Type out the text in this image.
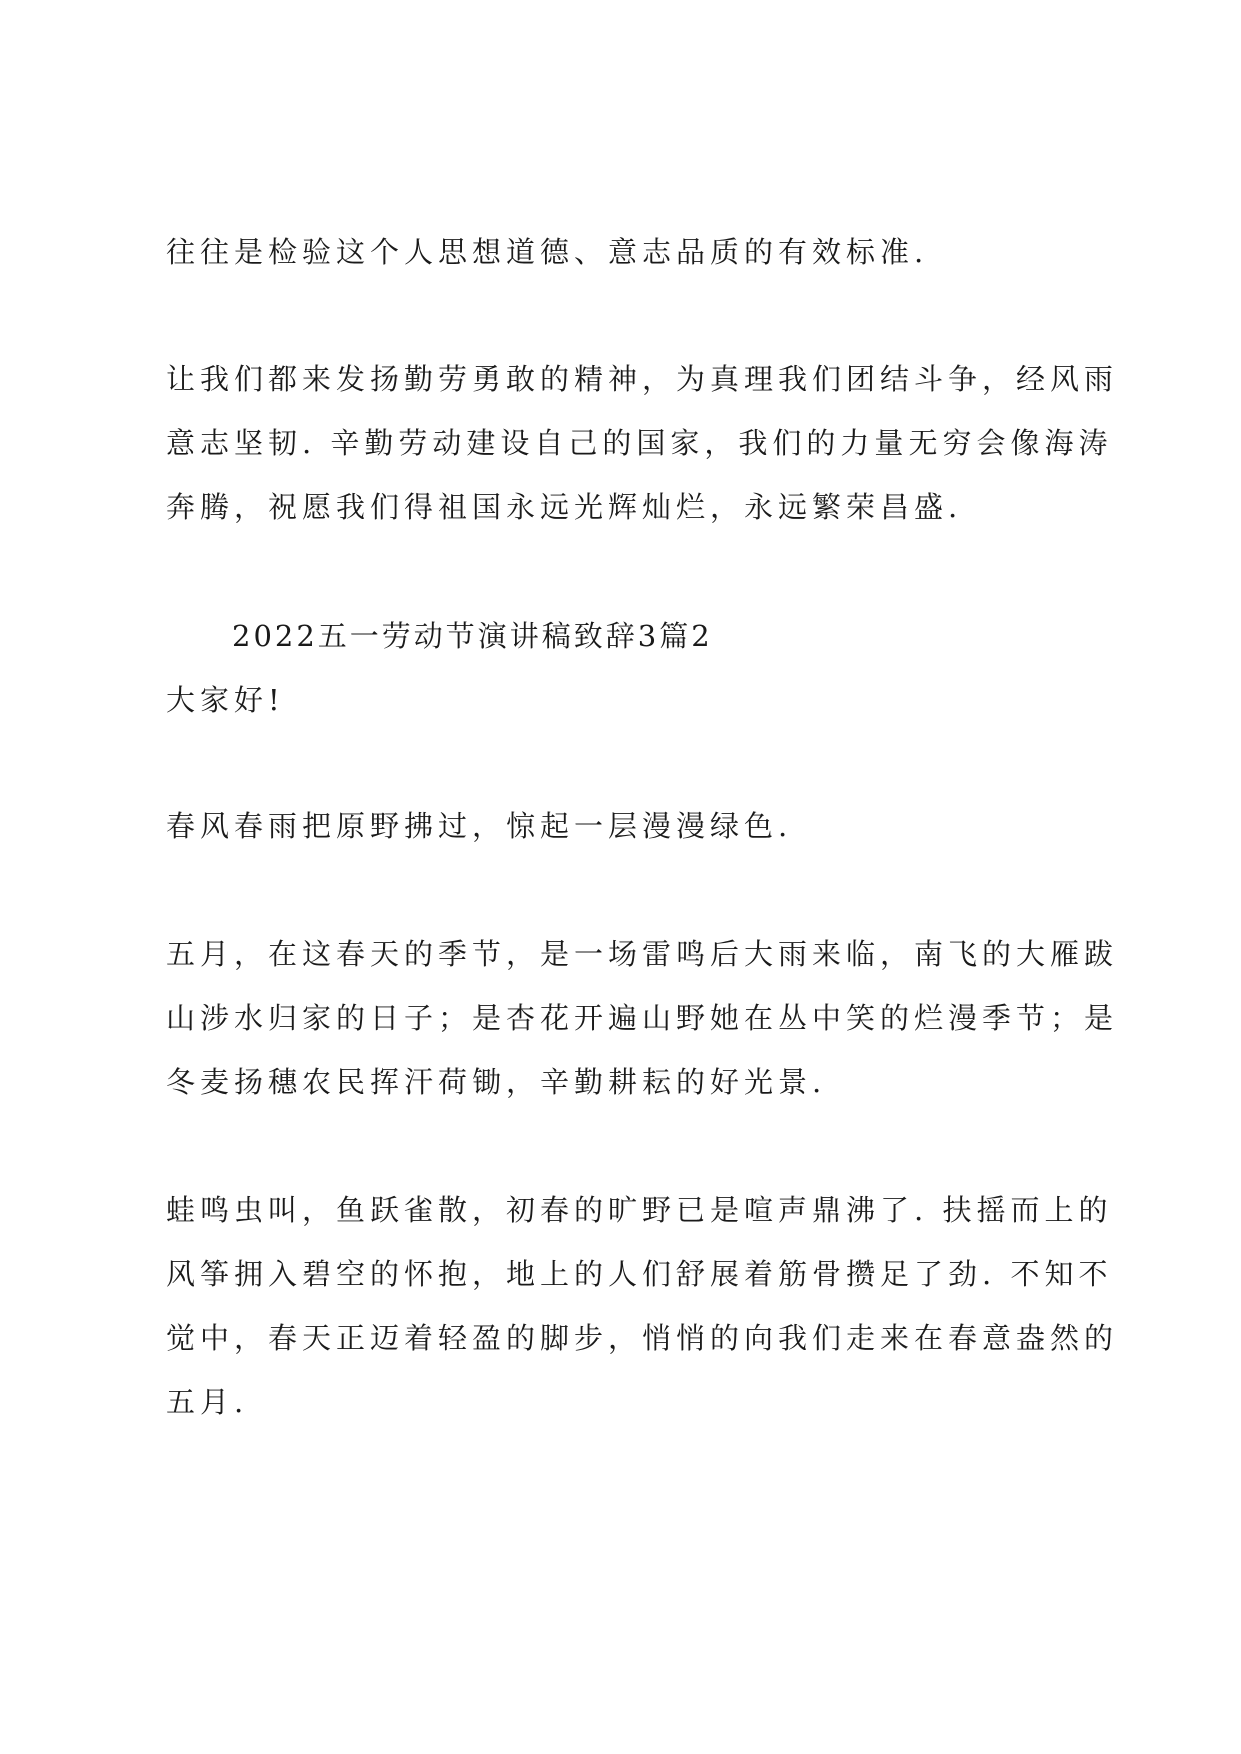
往往是检验这个人思想道德、意志品质的有效标准.
让我们都来发扬勤劳勇敢的精神，为真理我们团结斗争，经风雨
意志坚韧. 辛勤劳动建设自己的国家，我们的力量无穷会像海涛
奔腾，祝愿我们得祖国永远光辉灿烂，永远繁荣昌盛.
2022五一劳动节演讲稿致辞3篇2
大家好!
春风春雨把原野拂过，惊起一层漫漫绿色.
五月，在这春天的季节，是一场雷鸣后大雨来临，南飞的大雁跋
山涉水归家的日子；是杏花开遍山野她在丛中笑的烂漫季节；是
冬麦扬穗农民挥汗荷锄，辛勤耕耘的好光景.
蛙鸣虫叫，鱼跃雀散，初春的旷野已是喧声鼎沸了. 扶摇而上的
风筝拥入碧空的怀抱，地上的人们舒展着筋骨攒足了劲. 不知不
觉中，春天正迈着轻盈的脚步，悄悄的向我们走来在春意盎然的
五月.
